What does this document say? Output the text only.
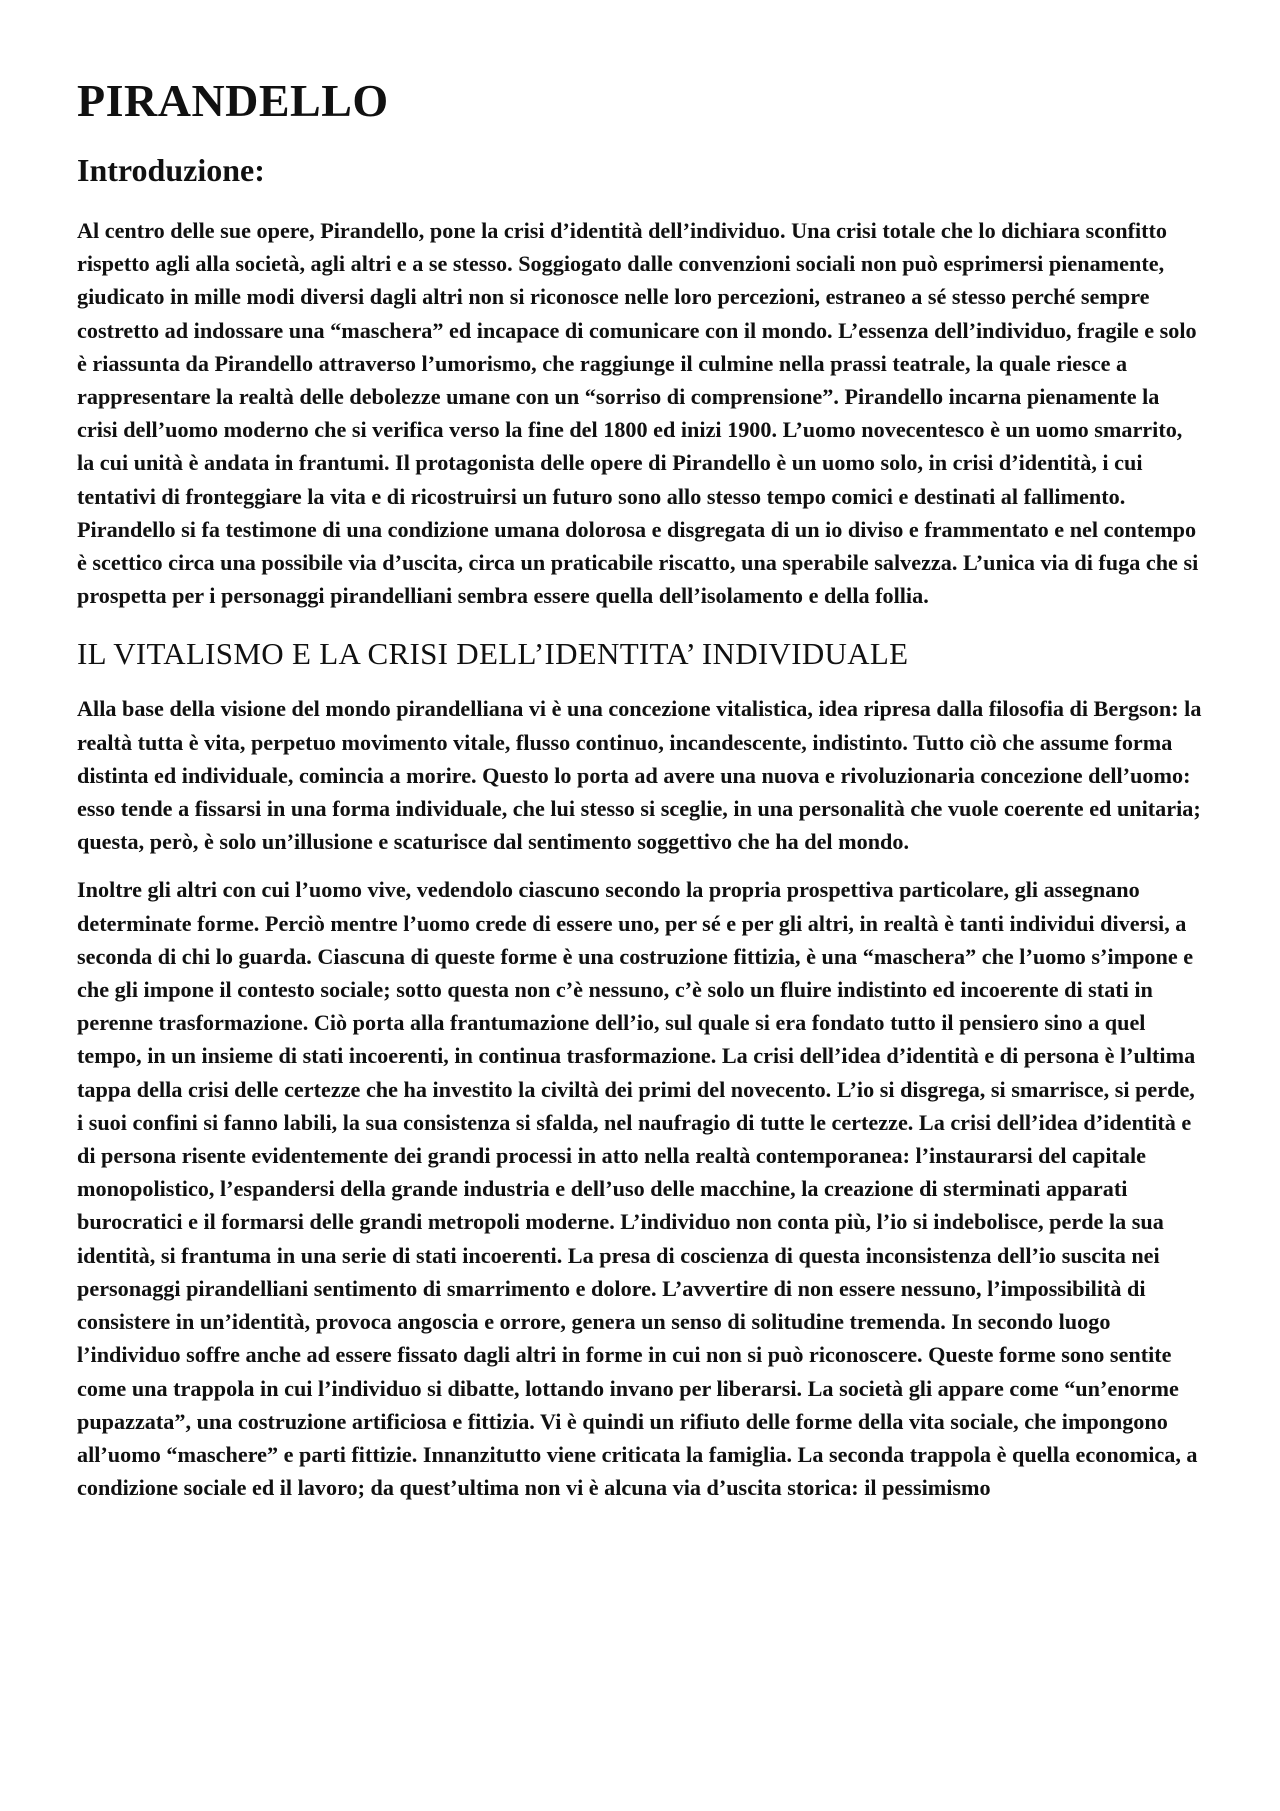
PIRANDELLO
Introduzione:

Al centro delle sue opere, Pirandello, pone la crisi d’identità dell’individuo. Una crisi totale che lo dichiara sconfitto rispetto agli alla società, agli altri e a se stesso. Soggiogato dalle convenzioni sociali non può esprimersi pienamente, giudicato in mille modi diversi dagli altri non si riconosce nelle loro percezioni, estraneo a sé stesso perché sempre costretto ad indossare una “maschera” ed incapace di comunicare con il mondo. L’essenza dell’individuo, fragile e solo è riassunta da Pirandello attraverso l’umorismo, che raggiunge il culmine nella prassi teatrale, la quale riesce a rappresentare la realtà delle debolezze umane con un “sorriso di comprensione”. Pirandello incarna pienamente la crisi dell’uomo moderno che si verifica verso la fine del 1800 ed inizi 1900. L’uomo novecentesco è un uomo smarrito, la cui unità è andata in frantumi. Il protagonista delle opere di Pirandello è un uomo solo, in crisi d’identità, i cui tentativi di fronteggiare la vita e di ricostruirsi un futuro sono allo stesso tempo comici e destinati al fallimento. Pirandello si fa testimone di una condizione umana dolorosa e disgregata di un io diviso e frammentato e nel contempo è scettico circa una possibile via d’uscita, circa un praticabile riscatto, una sperabile salvezza. L’unica via di fuga che si prospetta per i personaggi pirandelliani sembra essere quella dell’isolamento e della follia.

IL VITALISMO E LA CRISI DELL’IDENTITA’ INDIVIDUALE

Alla base della visione del mondo pirandelliana vi è una concezione vitalistica, idea ripresa dalla filosofia di Bergson: la realtà tutta è vita, perpetuo movimento vitale, flusso continuo, incandescente, indistinto. Tutto ciò che assume forma distinta ed individuale, comincia a morire. Questo lo porta ad avere una nuova e rivoluzionaria concezione dell’uomo: esso tende a fissarsi in una forma individuale, che lui stesso si sceglie, in una personalità che vuole coerente ed unitaria; questa, però, è solo un’illusione e scaturisce dal sentimento soggettivo che ha del mondo.

Inoltre gli altri con cui l’uomo vive, vedendolo ciascuno secondo la propria prospettiva particolare, gli assegnano determinate forme. Perciò mentre l’uomo crede di essere uno, per sé e per gli altri, in realtà è tanti individui diversi, a seconda di chi lo guarda. Ciascuna di queste forme è una costruzione fittizia, è una “maschera” che l’uomo s’impone e che gli impone il contesto sociale; sotto questa non c’è nessuno, c’è solo un fluire indistinto ed incoerente di stati in perenne trasformazione. Ciò porta alla frantumazione dell’io, sul quale si era fondato tutto il pensiero sino a quel tempo, in un insieme di stati incoerenti, in continua trasformazione. La crisi dell’idea d’identità e di persona è l’ultima tappa della crisi delle certezze che ha investito la civiltà dei primi del novecento. L’io si disgrega, si smarrisce, si perde, i suoi confini si fanno labili, la sua consistenza si sfalda, nel naufragio di tutte le certezze. La crisi dell’idea d’identità e di persona risente evidentemente dei grandi processi in atto nella realtà contemporanea: l’instaurarsi del capitale monopolistico, l’espandersi della grande industria e dell’uso delle macchine, la creazione di sterminati apparati burocratici e il formarsi delle grandi metropoli moderne. L’individuo non conta più, l’io si indebolisce, perde la sua identità, si frantuma in una serie di stati incoerenti. La presa di coscienza di questa inconsistenza dell’io suscita nei personaggi pirandelliani sentimento di smarrimento e dolore. L’avvertire di non essere nessuno, l’impossibilità di consistere in un’identità, provoca angoscia e orrore, genera un senso di solitudine tremenda. In secondo luogo l’individuo soffre anche ad essere fissato dagli altri in forme in cui non si può riconoscere. Queste forme sono sentite come una trappola in cui l’individuo si dibatte, lottando invano per liberarsi. La società gli appare come “un’enorme pupazzata”, una costruzione artificiosa e fittizia. Vi è quindi un rifiuto delle forme della vita sociale, che impongono all’uomo “maschere” e parti fittizie. Innanzitutto viene criticata la famiglia. La seconda trappola è quella economica, a condizione sociale ed il lavoro; da quest’ultima non vi è alcuna via d’uscita storica: il pessimismo
